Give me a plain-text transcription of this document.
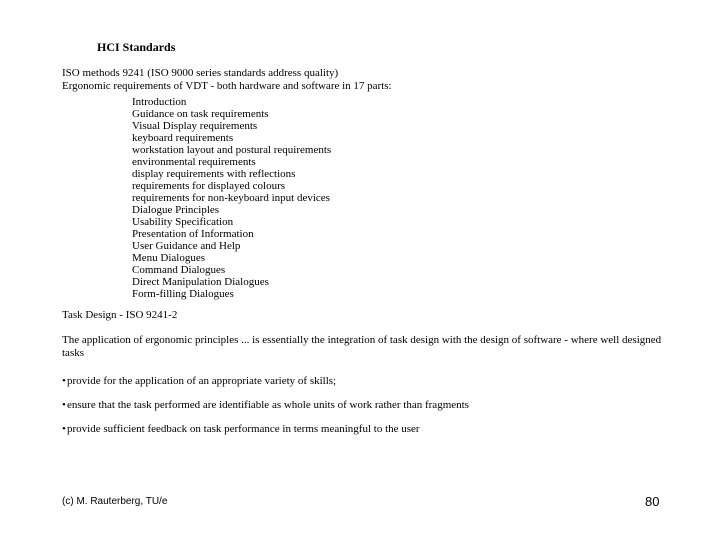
HCI Standards
ISO methods 9241 (ISO 9000 series standards address quality)
Ergonomic requirements of VDT - both hardware and software in 17 parts:
Introduction
Guidance on task requirements
Visual Display requirements
keyboard requirements
workstation layout and postural requirements
environmental requirements
display requirements with reflections
requirements for displayed colours
requirements for non-keyboard input devices
Dialogue Principles
Usability Specification
Presentation of Information
User Guidance and Help
Menu Dialogues
Command Dialogues
Direct Manipulation Dialogues
Form-filling Dialogues
Task Design - ISO 9241-2
The application of ergonomic principles ... is essentially the integration of task design with the design of software - where well designed tasks
•provide for the application of an appropriate variety of skills;
•ensure that the task performed are identifiable as whole units of work rather than fragments
•provide sufficient feedback on task performance in terms meaningful to the user
(c) M. Rauterberg, TU/e	80
